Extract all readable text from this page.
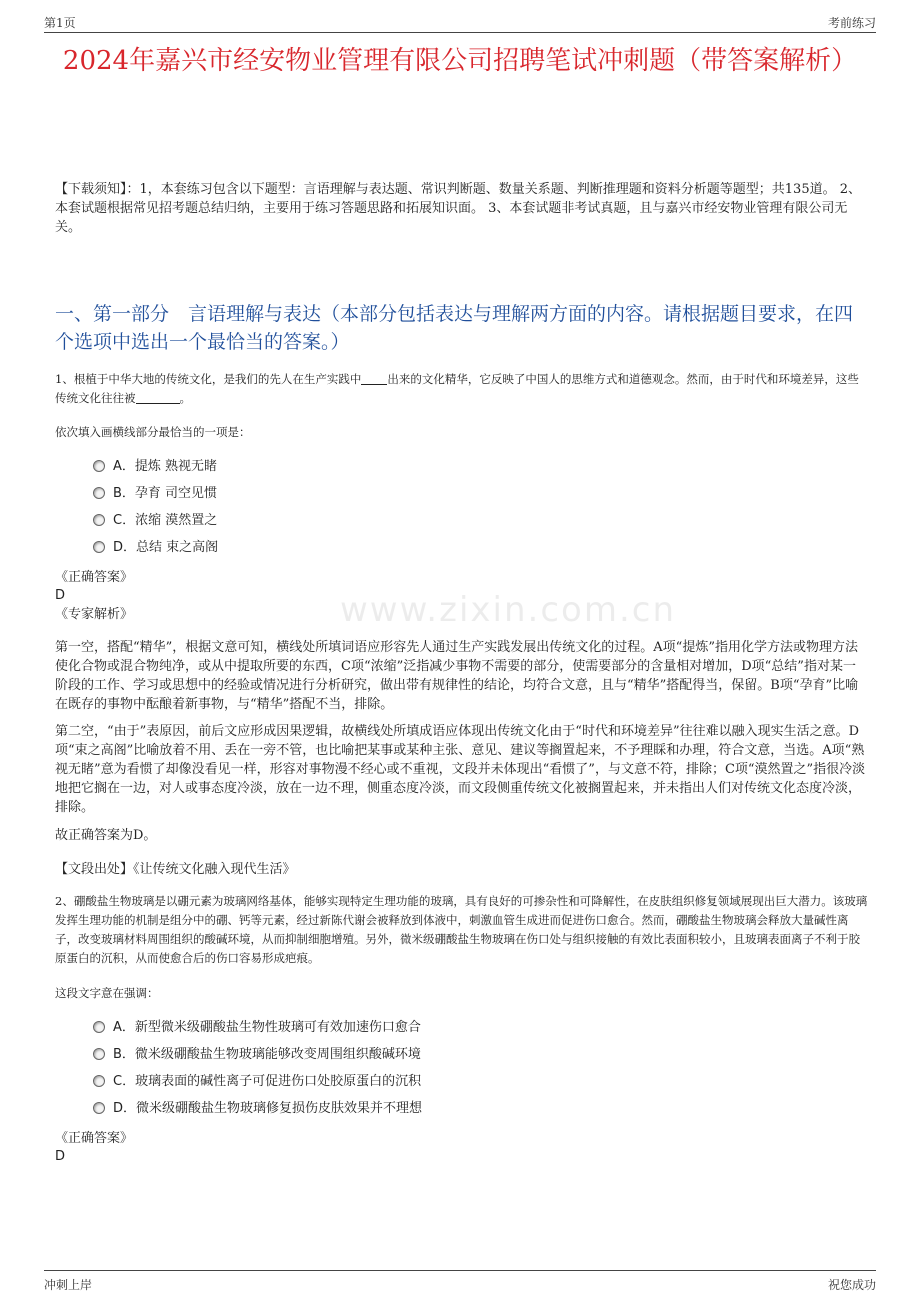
第1页	考前练习
2024年嘉兴市经安物业管理有限公司招聘笔试冲刺题（带答案解析）
【下载须知】：1，本套练习包含以下题型：言语理解与表达题、常识判断题、数量关系题、判断推理题和资料分析题等题型；共135道。 2、本套试题根据常见招考题总结归纳，主要用于练习答题思路和拓展知识面。 3、本套试题非考试真题，且与嘉兴市经安物业管理有限公司无关。
一、第一部分　言语理解与表达（本部分包括表达与理解两方面的内容。请根据题目要求，在四个选项中选出一个最恰当的答案。）
1、根植于中华大地的传统文化，是我们的先人在生产实践中 出来的文化精华，它反映了中国人的思维方式和道德观念。然而，由于时代和环境差异，这些传统文化往往被	。
依次填入画横线部分最恰当的一项是：
A．提炼 熟视无睹
B．孕育 司空见惯
C．浓缩 漠然置之
D．总结 束之高阁
《正确答案》
D
《专家解析》	www.zixin.com.cn
第一空，搭配“精华”，根据文意可知，横线处所填词语应形容先人通过生产实践发展出传统文化的过程。A项“提炼”指用化学方法或物理方法使化合物或混合物纯净，或从中提取所要的东西，C项“浓缩”泛指减少事物不需要的部分，使需要部分的含量相对增加，D项“总结”指对某一阶段的工作、学习或思想中的经验或情况进行分析研究，做出带有规律性的结论，均符合文意，且与“精华”搭配得当，保留。B项“孕育”比喻在既存的事物中酝酿着新事物，与“精华”搭配不当，排除。
第二空，“由于”表原因，前后文应形成因果逻辑，故横线处所填成语应体现出传统文化由于“时代和环境差异”往往难以融入现实生活之意。D项“束之高阁”比喻放着不用、丢在一旁不管，也比喻把某事或某种主张、意见、建议等搁置起来，不予理睬和办理，符合文意，当选。A项“熟视无睹”意为看惯了却像没看见一样，形容对事物漫不经心或不重视，文段并未体现出“看惯了”，与文意不符，排除；C项“漠然置之”指很冷淡地把它搁在一边，对人或事态度冷淡，放在一边不理，侧重态度冷淡，而文段侧重传统文化被搁置起来，并未指出人们对传统文化态度冷淡，排除。
故正确答案为D。
【文段出处】《让传统文化融入现代生活》
2、硼酸盐生物玻璃是以硼元素为玻璃网络基体，能够实现特定生理功能的玻璃，具有良好的可掺杂性和可降解性，在皮肤组织修复领域展现出巨大潜力。该玻璃发挥生理功能的机制是组分中的硼、钙等元素，经过新陈代谢会被释放到体液中，刺激血管生成进而促进伤口愈合。然而，硼酸盐生物玻璃会释放大量碱性离子，改变玻璃材料周围组织的酸碱环境，从而抑制细胞增殖。另外，微米级硼酸盐生物玻璃在伤口处与组织接触的有效比表面积较小，且玻璃表面离子不利于胶原蛋白的沉积，从而使愈合后的伤口容易形成疤痕。
这段文字意在强调：
A．新型微米级硼酸盐生物性玻璃可有效加速伤口愈合
B．微米级硼酸盐生物玻璃能够改变周围组织酸碱环境
C．玻璃表面的碱性离子可促进伤口处胶原蛋白的沉积
D．微米级硼酸盐生物玻璃修复损伤皮肤效果并不理想
《正确答案》
D
冲刺上岸	祝您成功
